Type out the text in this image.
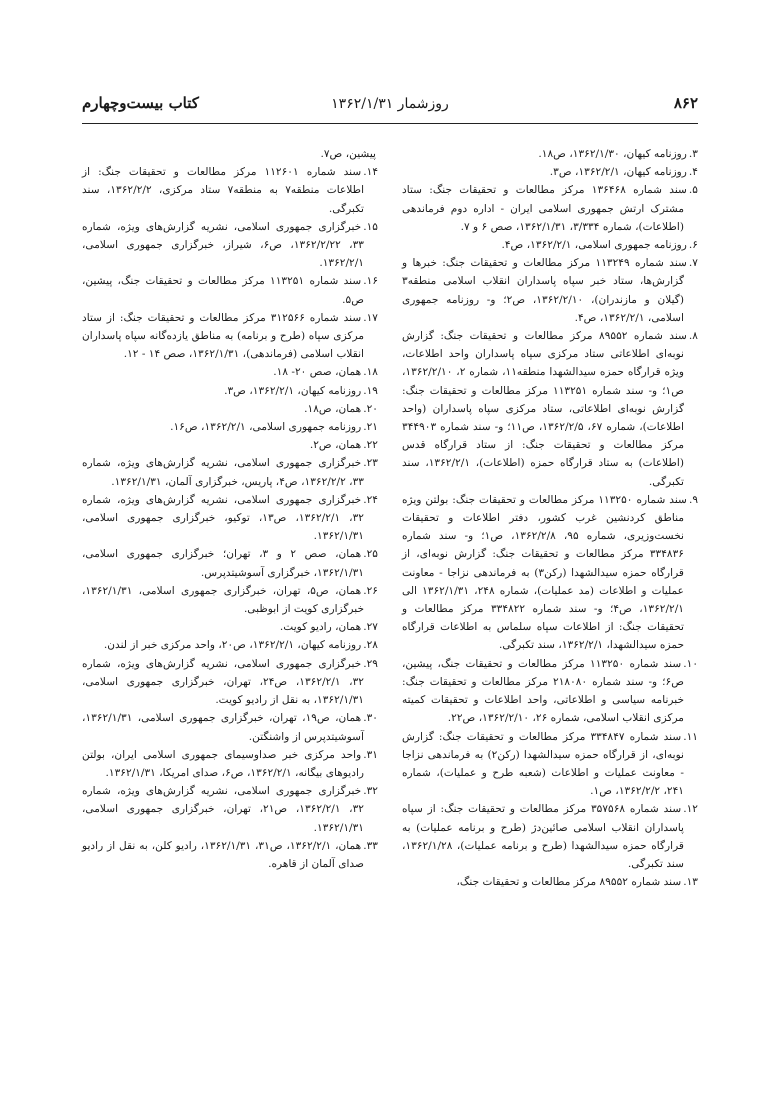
۸۶۲
روزشمار ۱۳۶۲/۱/۳۱
کتاب بیست‌وچهارم

۳.روزنامه کیهان، ۱۳۶۲/۱/۳۰، ص۱۸.

۴.روزنامه کیهان، ۱۳۶۲/۲/۱، ص۳.

۵.سند شماره ۱۳۶۴۶۸ مرکز مطالعات و تحقیقات جنگ: ستاد مشترک ارتش جمهوری اسلامی ایران - اداره دوم فرماندهی (اطلاعات)، شماره ۳/۳۳۴، ۱۳۶۲/۱/۳۱، صص ۶ و ۷.

۶.روزنامه جمهوری اسلامی، ۱۳۶۲/۲/۱، ص۴.

۷.سند شماره ۱۱۳۲۴۹ مرکز مطالعات و تحقیقات جنگ: خبرها و گزارش‌ها، ستاد خبر سپاه پاسداران انقلاب اسلامی منطقه۳ (گیلان و مازندران)، ۱۳۶۲/۲/۱۰، ص۲؛ و- روزنامه جمهوری اسلامی، ۱۳۶۲/۲/۱، ص۴.

۸.سند شماره ۸۹۵۵۲ مرکز مطالعات و تحقیقات جنگ: گزارش نوبه‌ای اطلاعاتی ستاد مرکزی سپاه پاسداران واحد اطلاعات، ویژه قرارگاه حمزه سیدالشهدا منطقه۱۱، شماره ۲، ۱۳۶۲/۲/۱۰، ص۱؛ و- سند شماره ۱۱۳۲۵۱ مرکز مطالعات و تحقیقات جنگ: گزارش نوبه‌ای اطلاعاتی، ستاد مرکزی سپاه پاسداران (واحد اطلاعات)، شماره ۶۷، ۱۳۶۲/۲/۵، ص۱۱؛ و- سند شماره ۳۴۴۹۰۳ مرکز مطالعات و تحقیقات جنگ: از ستاد قرارگاه قدس (اطلاعات) به ستاد قرارگاه حمزه (اطلاعات)، ۱۳۶۲/۲/۱، سند تکبرگی.

۹.سند شماره ۱۱۳۲۵۰ مرکز مطالعات و تحقیقات جنگ: بولتن ویژه مناطق کردنشین غرب کشور، دفتر اطلاعات و تحقیقات نخست‌وزیری، شماره ۹۵، ۱۳۶۲/۲/۸، ص۱؛ و- سند شماره ۳۳۴۸۳۶ مرکز مطالعات و تحقیقات جنگ: گزارش نوبه‌ای، از قرارگاه حمزه سیدالشهدا (رکن۳) به فرماندهی نزاجا - معاونت عملیات و اطلاعات (مد عملیات)، شماره ۲۴۸، ۱۳۶۲/۱/۳۱ الی ۱۳۶۲/۲/۱، ص۴؛ و- سند شماره ۳۳۴۸۲۲ مرکز مطالعات و تحقیقات جنگ: از اطلاعات سپاه سلماس به اطلاعات قرارگاه حمزه سیدالشهدا، ۱۳۶۲/۲/۱، سند تکبرگی.

۱۰.سند شماره ۱۱۳۲۵۰ مرکز مطالعات و تحقیقات جنگ، پیشین، ص۶؛ و- سند شماره ۲۱۸۰۸۰ مرکز مطالعات و تحقیقات جنگ: خبرنامه سیاسی و اطلاعاتی، واحد اطلاعات و تحقیقات کمیته مرکزی انقلاب اسلامی، شماره ۲۶، ۱۳۶۲/۲/۱۰، ص۲۲.

۱۱.سند شماره ۳۳۴۸۴۷ مرکز مطالعات و تحقیقات جنگ: گزارش نوبه‌ای، از قرارگاه حمزه سیدالشهدا (رکن۲) به فرماندهی نزاجا - معاونت عملیات و اطلاعات (شعبه طرح و عملیات)، شماره ۲۴۱، ۱۳۶۲/۲/۲، ص۱.

۱۲.سند شماره ۳۵۷۵۶۸ مرکز مطالعات و تحقیقات جنگ: از سپاه پاسداران انقلاب اسلامی صائین‌دژ (طرح و برنامه عملیات) به قرارگاه حمزه سیدالشهدا (طرح و برنامه عملیات)، ۱۳۶۲/۱/۲۸، سند تکبرگی.

۱۳.سند شماره ۸۹۵۵۲ مرکز مطالعات و تحقیقات جنگ،

پیشین، ص۷.

۱۴.سند شماره ۱۱۲۶۰۱ مرکز مطالعات و تحقیقات جنگ: از اطلاعات منطقه۷ به منطقه۷ ستاد مرکزی، ۱۳۶۲/۲/۲، سند تکبرگی.

۱۵.خبرگزاری جمهوری اسلامی، نشریه گزارش‌های ویژه، شماره ۳۳، ۱۳۶۲/۲/۲۲، ص۶، شیراز، خبرگزاری جمهوری اسلامی، ۱۳۶۲/۲/۱.

۱۶.سند شماره ۱۱۳۲۵۱ مرکز مطالعات و تحقیقات جنگ، پیشین، ص۵.

۱۷.سند شماره ۳۱۲۵۶۶ مرکز مطالعات و تحقیقات جنگ: از ستاد مرکزی سپاه (طرح و برنامه) به مناطق یازده‌گانه سپاه پاسداران انقلاب اسلامی (فرماندهی)، ۱۳۶۲/۱/۳۱، صص ۱۴ - ۱۲.

۱۸.همان، صص ۲۰- ۱۸.

۱۹.روزنامه کیهان، ۱۳۶۲/۲/۱، ص۳.

۲۰.همان، ص۱۸.

۲۱.روزنامه جمهوری اسلامی، ۱۳۶۲/۲/۱، ص۱۶.

۲۲.همان، ص۲.

۲۳.خبرگزاری جمهوری اسلامی، نشریه گزارش‌های ویژه، شماره ۳۳، ۱۳۶۲/۲/۲، ص۴، پاریس، خبرگزاری آلمان، ۱۳۶۲/۱/۳۱.

۲۴.خبرگزاری جمهوری اسلامی، نشریه گزارش‌های ویژه، شماره ۳۲، ۱۳۶۲/۲/۱، ص۱۳، توکیو، خبرگزاری جمهوری اسلامی، ۱۳۶۲/۱/۳۱.

۲۵.همان، صص ۲ و ۳، تهران؛ خبرگزاری جمهوری اسلامی، ۱۳۶۲/۱/۳۱، خبرگزاری آسوشیتدپرس.

۲۶.همان، ص۵، تهران، خبرگزاری جمهوری اسلامی، ۱۳۶۲/۱/۳۱، خبرگزاری کویت از ابوظبی.

۲۷.همان، رادیو کویت.

۲۸.روزنامه کیهان، ۱۳۶۲/۲/۱، ص۲۰، واحد مرکزی خبر از لندن.

۲۹.خبرگزاری جمهوری اسلامی، نشریه گزارش‌های ویژه، شماره ۳۲، ۱۳۶۲/۲/۱، ص۲۴، تهران، خبرگزاری جمهوری اسلامی، ۱۳۶۲/۱/۳۱، به نقل از رادیو کویت.

۳۰.همان، ص۱۹، تهران، خبرگزاری جمهوری اسلامی، ۱۳۶۲/۱/۳۱، آسوشیتدپرس از واشنگتن.

۳۱.واحد مرکزی خبر صداوسیمای جمهوری اسلامی ایران، بولتن رادیوهای بیگانه، ۱۳۶۲/۲/۱، ص۶، صدای امریکا، ۱۳۶۲/۱/۳۱.

۳۲.خبرگزاری جمهوری اسلامی، نشریه گزارش‌های ویژه، شماره ۳۲، ۱۳۶۲/۲/۱، ص۲۱، تهران، خبرگزاری جمهوری اسلامی، ۱۳۶۲/۱/۳۱.

۳۳.همان، ۱۳۶۲/۲/۱، ص۳۱، ۱۳۶۲/۱/۳۱، رادیو کلن، به نقل از رادیو صدای آلمان از قاهره.
